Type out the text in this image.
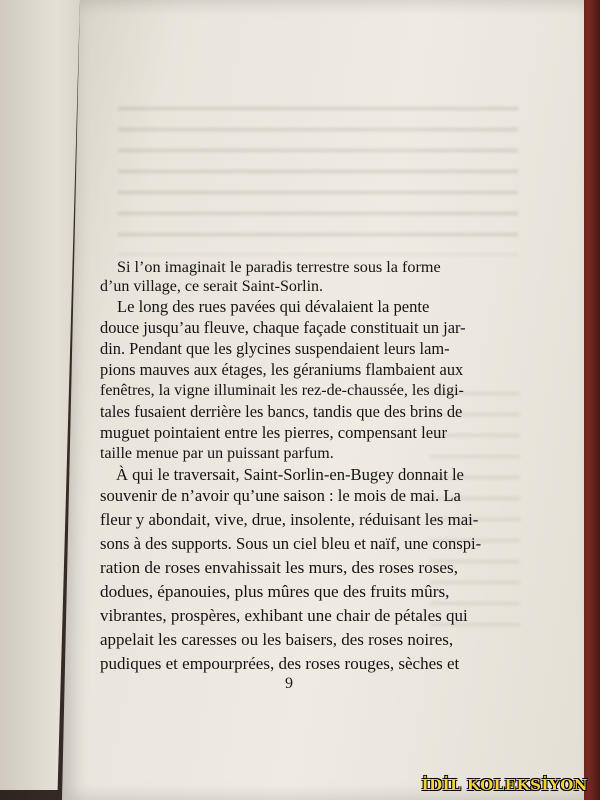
Si l’on imaginait le paradis terrestre sous la forme
d’un village, ce serait Saint-Sorlin.
Le long des rues pavées qui dévalaient la pente
douce jusqu’au fleuve, chaque façade constituait un jar-
din. Pendant que les glycines suspendaient leurs lam-
pions mauves aux étages, les géraniums flambaient aux
fenêtres, la vigne illuminait les rez-de-chaussée, les digi-
tales fusaient derrière les bancs, tandis que des brins de
muguet pointaient entre les pierres, compensant leur
taille menue par un puissant parfum.
À qui le traversait, Saint-Sorlin-en-Bugey donnait le
souvenir de n’avoir qu’une saison : le mois de mai. La
fleur y abondait, vive, drue, insolente, réduisant les mai-
sons à des supports. Sous un ciel bleu et naïf, une conspi-
ration de roses envahissait les murs, des roses roses,
dodues, épanouies, plus mûres que des fruits mûrs,
vibrantes, prospères, exhibant une chair de pétales qui
appelait les caresses ou les baisers, des roses noires,
pudiques et empourprées, des roses rouges, sèches et
9
İDİL KOLEKSİYON
